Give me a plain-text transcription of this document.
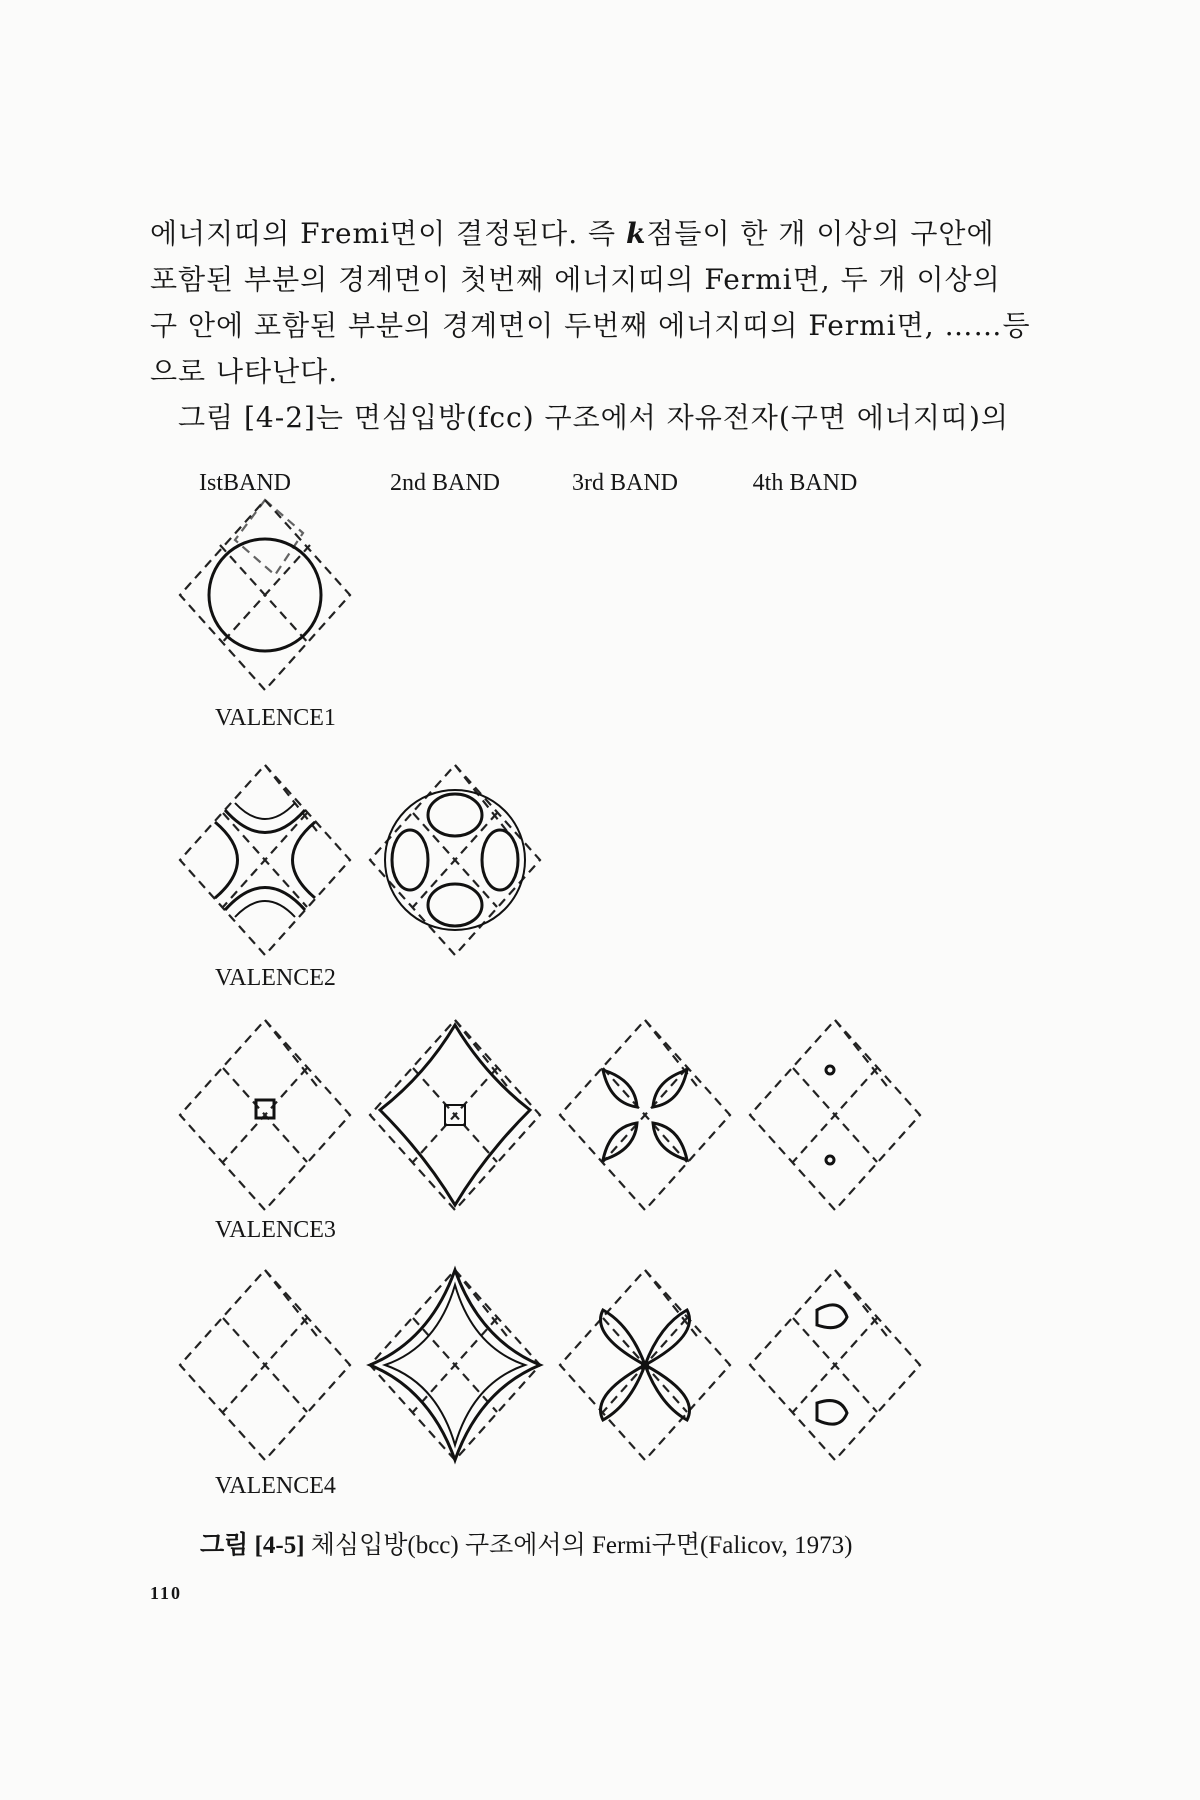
에너지띠의 Fremi면이 결정된다. 즉 k점들이 한 개 이상의 구안에
포함된 부분의 경계면이 첫번째 에너지띠의 Fermi면, 두 개 이상의
구 안에 포함된 부분의 경계면이 두번째 에너지띠의 Fermi면, ……등
으로 나타난다.
그림 [4-2]는 면심입방(fcc) 구조에서 자유전자(구면 에너지띠)의
IstBAND	2nd BAND	3rd BAND	4th BAND
VALENCE1
VALENCE2
VALENCE3
VALENCE4
그림 [4-5] 체심입방(bcc) 구조에서의 Fermi구면(Falicov, 1973)
110
